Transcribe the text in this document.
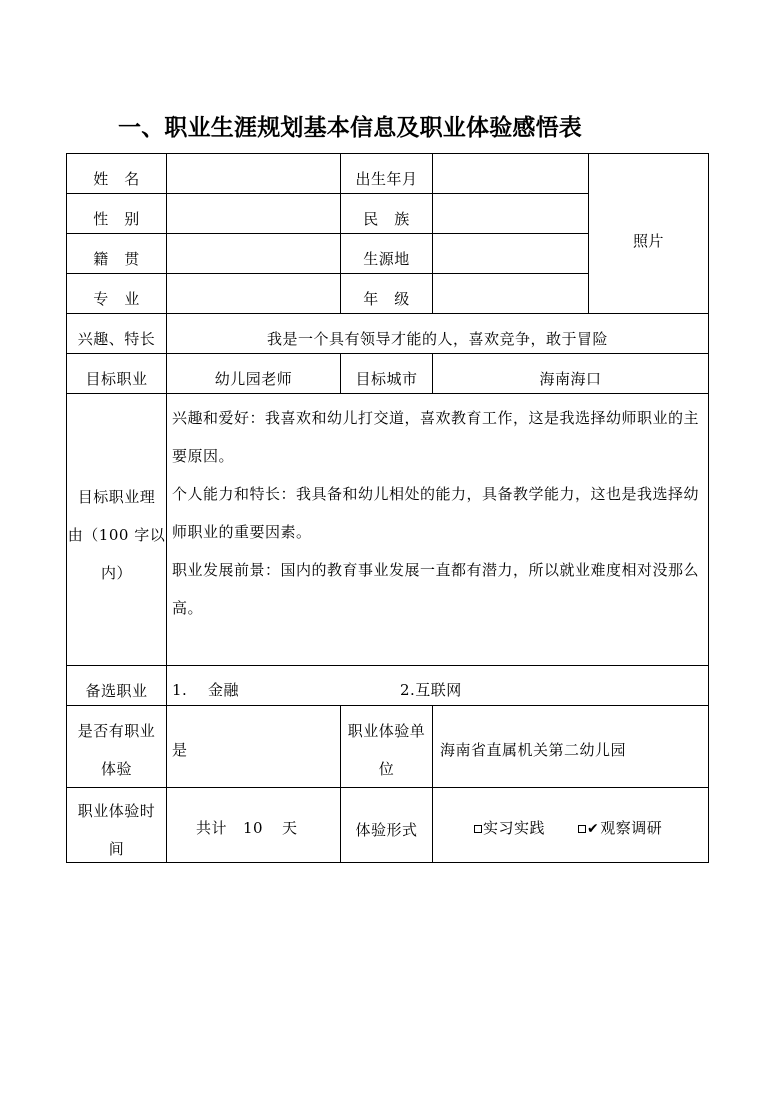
一、职业生涯规划基本信息及职业体验感悟表
姓　名	出生年月
照片
性　别	民　族
籍　贯	生源地
专　业	年　级
兴趣、特长	我是一个具有领导才能的人，喜欢竞争，敢于冒险
目标职业	幼儿园老师	目标城市	海南海口
目标职业理
由（100 字以
内）
兴趣和爱好：我喜欢和幼儿打交道，喜欢教育工作，这是我选择幼师职业的主
要原因。
个人能力和特长：我具备和幼儿相处的能力，具备教学能力，这也是我选择幼
师职业的重要因素。
职业发展前景：国内的教育事业发展一直都有潜力，所以就业难度相对没那么
高。
备选职业	1. 金融	2.互联网
是否有职业
体验
是
职业体验单
位
海南省直属机关第二幼儿园
职业体验时
间
共计 10 天	体验形式	实习实践
✔	观察调研
